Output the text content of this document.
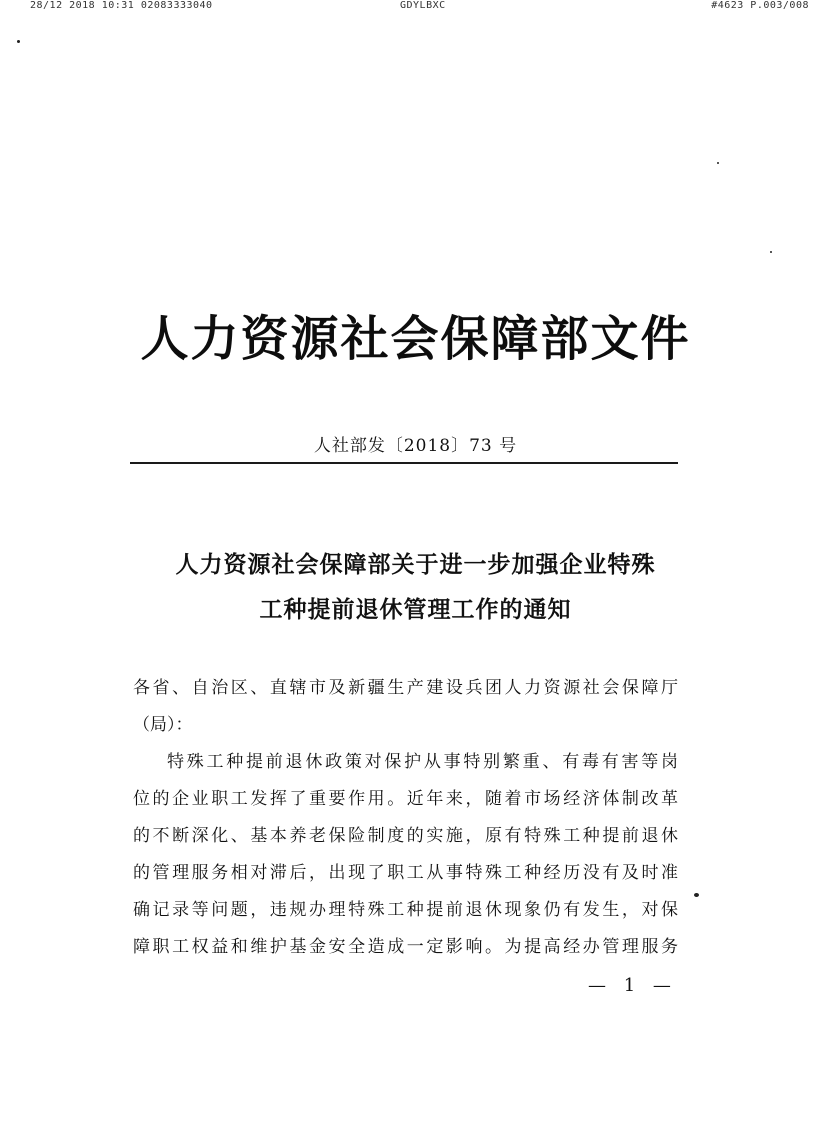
28/12 2018 10:31 02083333040	GDYLBXC	#4623 P.003/008
人力资源社会保障部文件
人社部发〔2018〕73 号
人力资源社会保障部关于进一步加强企业特殊
工种提前退休管理工作的通知
各省、自治区、直辖市及新疆生产建设兵团人力资源社会保障厅
（局）：
特殊工种提前退休政策对保护从事特别繁重、有毒有害等岗
位的企业职工发挥了重要作用。近年来，随着市场经济体制改革
的不断深化、基本养老保险制度的实施，原有特殊工种提前退休
的管理服务相对滞后，出现了职工从事特殊工种经历没有及时准
确记录等问题，违规办理特殊工种提前退休现象仍有发生，对保
障职工权益和维护基金安全造成一定影响。为提高经办管理服务
— 1 —
